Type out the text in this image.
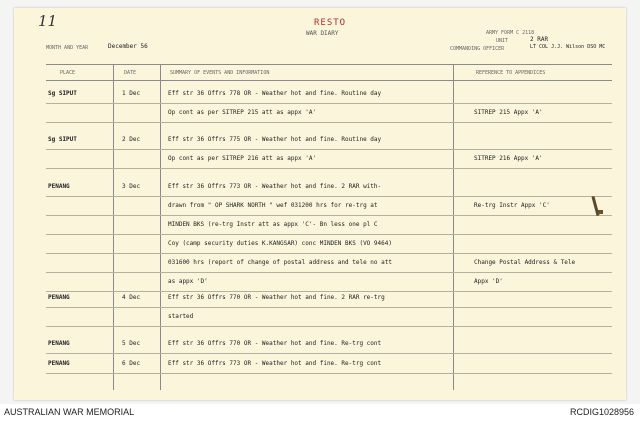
11	RESTO
WAR DIARY
MONTH AND YEAR	December 56
ARMY FORM C 2118
UNIT	2 RAR
COMMANDING OFFICER	LT COL J.J. Wilson DSO MC
PLACE	DATE	SUMMARY OF EVENTS AND INFORMATION	REFERENCE TO APPENDICES
Sg SIPUT	1 Dec	Eff str 36 Offrs 778 OR - Weather hot and fine. Routine day
Op cont as per SITREP 215 att as appx 'A'	SITREP 215 Appx 'A'
Sg SIPUT	2 Dec	Eff str 36 Offrs 775 OR - Weather hot and fine. Routine day
Op cont as per SITREP 216 att as appx 'A'	SITREP 216 Appx 'A'
PENANG	3 Dec	Eff str 36 Offrs 773 OR - Weather hot and fine. 2 RAR with-
drawn from " OP SHARK NORTH " wef 031200 hrs for re-trg at	Re-trg Instr Appx 'C'
MINDEN BKS (re-trg Instr att as appx 'C'- Bn less one pl C
Coy (camp security duties K.KANGSAR) conc MINDEN BKS (VO 9464)
031600 hrs (report of change of postal address and tele no att	Change Postal Address & Tele
as appx 'D'	Appx 'D'
PENANG	4 Dec	Eff str 36 Offrs 770 OR - Weather hot and fine. 2 RAR re-trg
started
PENANG	5 Dec	Eff str 36 Offrs 770 OR - Weather hot and fine. Re-trg cont
PENANG	6 Dec	Eff str 36 Offrs 773 OR - Weather hot and fine. Re-trg cont
AUSTRALIAN WAR MEMORIAL	RCDIG1028956
